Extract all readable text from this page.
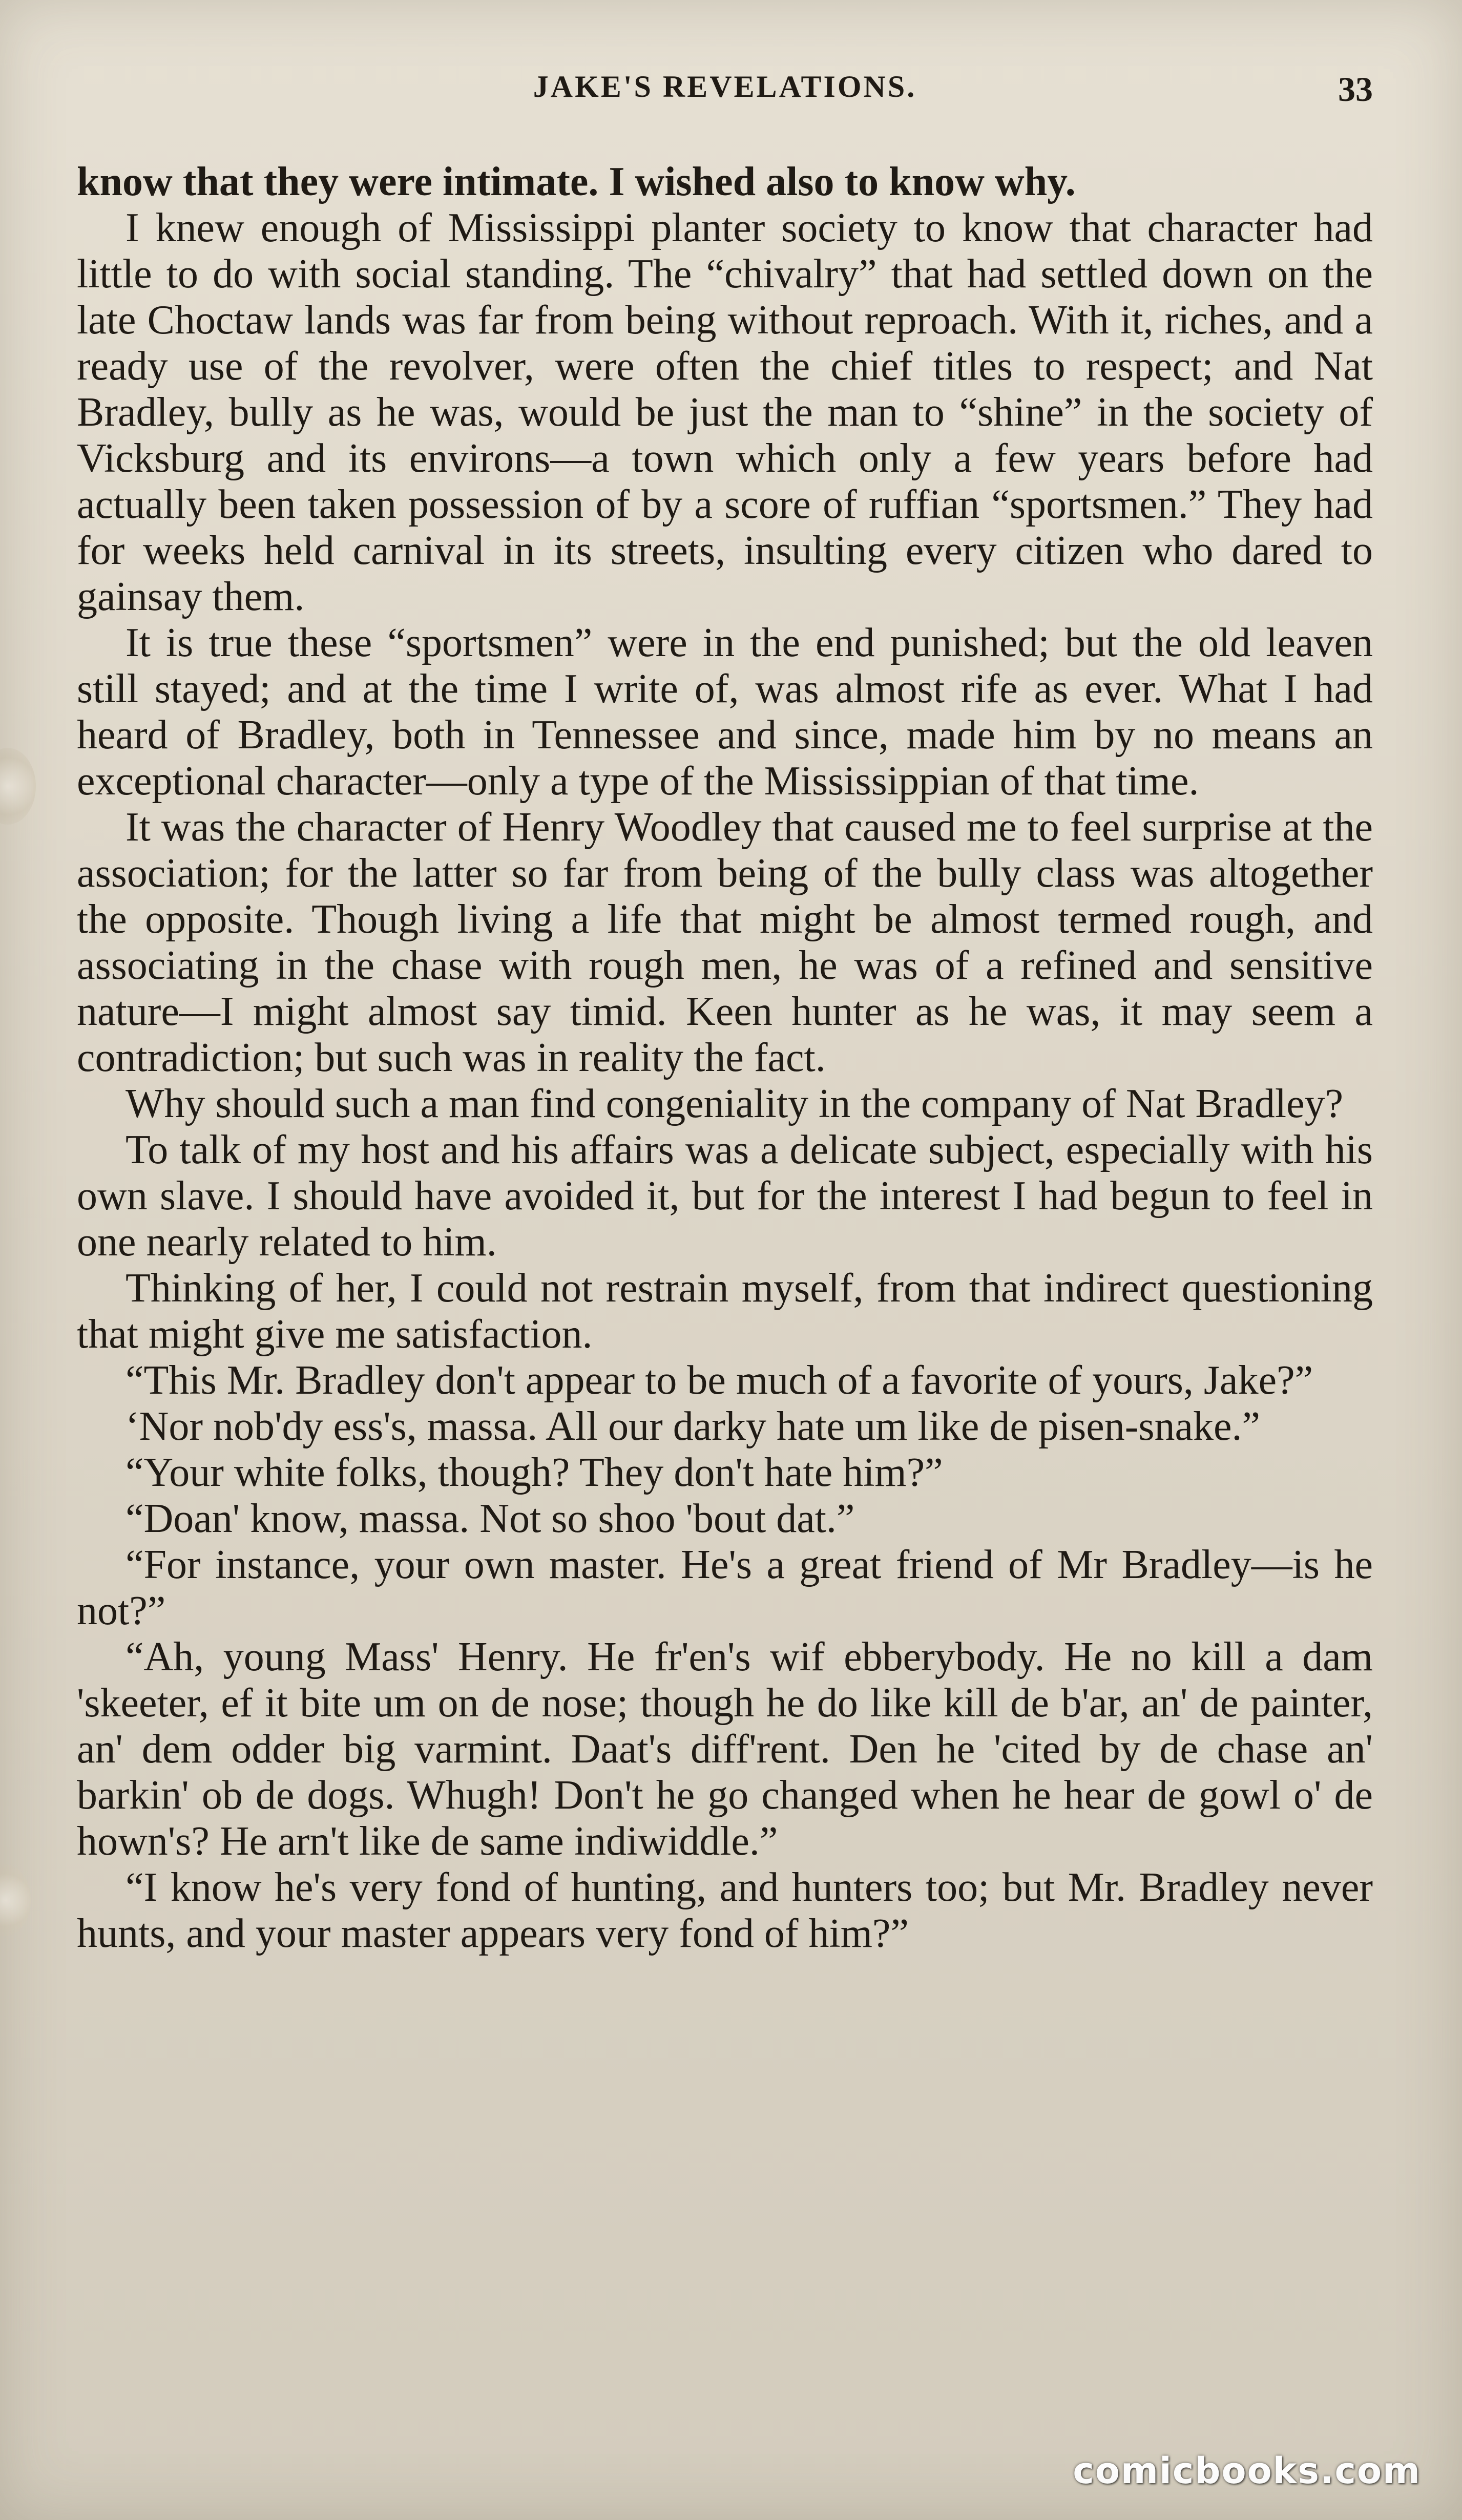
JAKE'S REVELATIONS.	33

know that they were intimate. I wished also to know why.

I knew enough of Mississippi planter society to know that character had little to do with social standing. The “chivalry” that had settled down on the late Choctaw lands was far from being without reproach. With it, riches, and a ready use of the revolver, were often the chief titles to respect; and Nat Bradley, bully as he was, would be just the man to “shine” in the society of Vicksburg and its environs—a town which only a few years before had actually been taken possession of by a score of ruffian “sportsmen.” They had for weeks held carnival in its streets, insulting every citizen who dared to gainsay them.

It is true these “sportsmen” were in the end punished; but the old leaven still stayed; and at the time I write of, was almost rife as ever. What I had heard of Bradley, both in Tennessee and since, made him by no means an exceptional character—only a type of the Mississippian of that time.

It was the character of Henry Woodley that caused me to feel surprise at the association; for the latter so far from being of the bully class was altogether the opposite. Though living a life that might be almost termed rough, and associating in the chase with rough men, he was of a refined and sensitive nature—I might almost say timid. Keen hunter as he was, it may seem a contradiction; but such was in reality the fact.

Why should such a man find congeniality in the company of Nat Bradley?

To talk of my host and his affairs was a delicate subject, especially with his own slave. I should have avoided it, but for the interest I had begun to feel in one nearly related to him.

Thinking of her, I could not restrain myself, from that indirect questioning that might give me satisfaction.

“This Mr. Bradley don't appear to be much of a favorite of yours, Jake?”

‘Nor nob'dy ess's, massa. All our darky hate um like de pisen-snake.”

“Your white folks, though? They don't hate him?”

“Doan' know, massa. Not so shoo 'bout dat.”

“For instance, your own master. He's a great friend of Mr Bradley—is he not?”

“Ah, young Mass' Henry. He fr'en's wif ebberybody. He no kill a dam 'skeeter, ef it bite um on de nose; though he do like kill de b'ar, an' de painter, an' dem odder big varmint. Daat's diff'rent. Den he 'cited by de chase an' barkin' ob de dogs. Whugh! Don't he go changed when he hear de gowl o' de hown's? He arn't like de same indiwiddle.”

“I know he's very fond of hunting, and hunters too; but Mr. Bradley never hunts, and your master appears very fond of him?”

comicbooks.com
